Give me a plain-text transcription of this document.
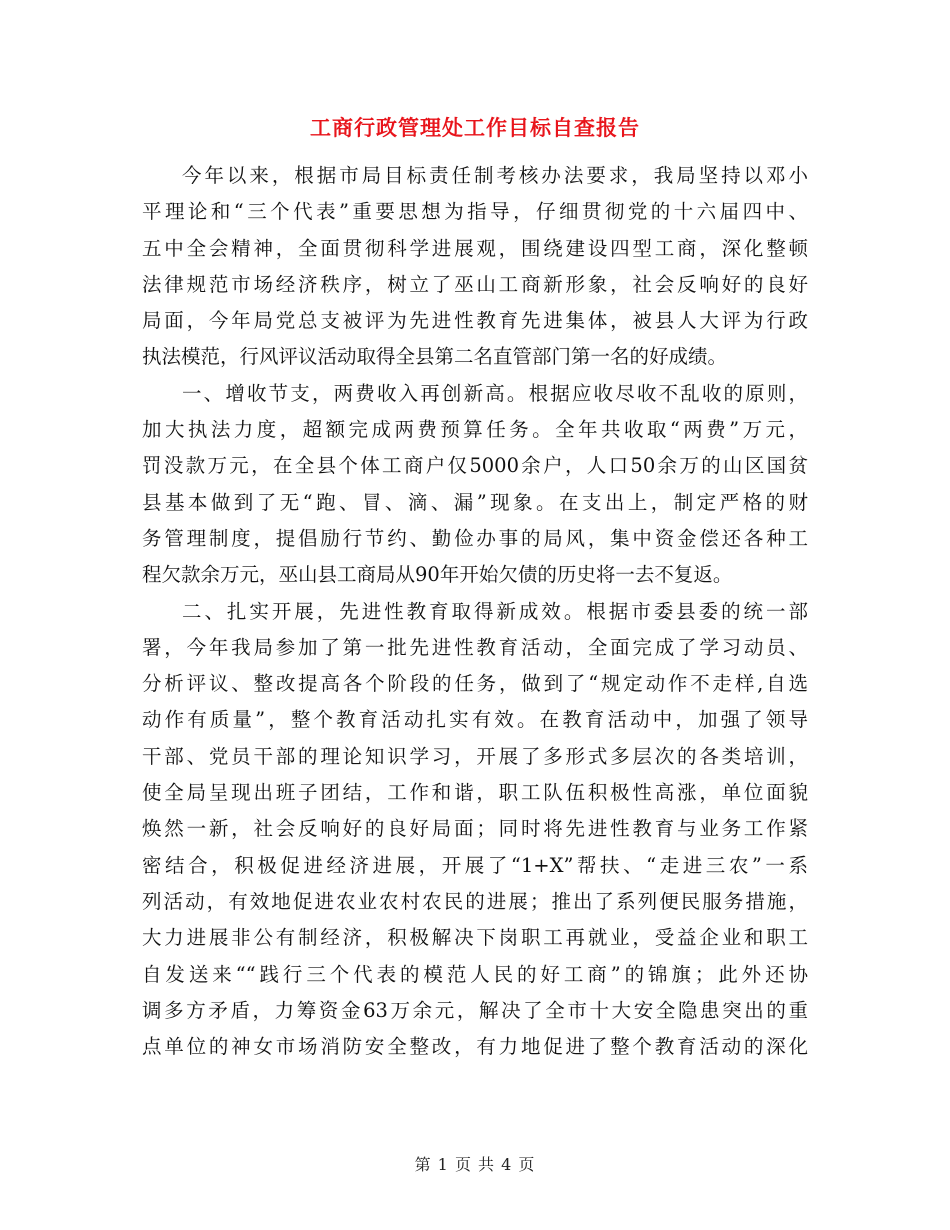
工商行政管理处工作目标自查报告
今年以来，根据市局目标责任制考核办法要求，我局坚持以邓小
平理论和“三个代表”重要思想为指导，仔细贯彻党的十六届四中、
五中全会精神，全面贯彻科学进展观，围绕建设四型工商，深化整顿
法律规范市场经济秩序，树立了巫山工商新形象，社会反响好的良好
局面，今年局党总支被评为先进性教育先进集体，被县人大评为行政
执法模范，行风评议活动取得全县第二名直管部门第一名的好成绩。
一、增收节支，两费收入再创新高。根据应收尽收不乱收的原则，
加大执法力度，超额完成两费预算任务。全年共收取“两费”万元，
罚没款万元，在全县个体工商户仅5000余户，人口50余万的山区国贫
县基本做到了无“跑、冒、滴、漏”现象。在支出上，制定严格的财
务管理制度，提倡励行节约、勤俭办事的局风，集中资金偿还各种工
程欠款余万元，巫山县工商局从90年开始欠债的历史将一去不复返。
二、扎实开展，先进性教育取得新成效。根据市委县委的统一部
署，今年我局参加了第一批先进性教育活动，全面完成了学习动员、
分析评议、整改提高各个阶段的任务，做到了“规定动作不走样,自选
动作有质量”，整个教育活动扎实有效。在教育活动中，加强了领导
干部、党员干部的理论知识学习，开展了多形式多层次的各类培训，
使全局呈现出班子团结，工作和谐，职工队伍积极性高涨，单位面貌
焕然一新，社会反响好的良好局面；同时将先进性教育与业务工作紧
密结合，积极促进经济进展，开展了“1+X”帮扶、“走进三农”一系
列活动，有效地促进农业农村农民的进展；推出了系列便民服务措施，
大力进展非公有制经济，积极解决下岗职工再就业，受益企业和职工
自发送来““践行三个代表的模范人民的好工商”的锦旗；此外还协
调多方矛盾，力筹资金63万余元，解决了全市十大安全隐患突出的重
点单位的神女市场消防安全整改，有力地促进了整个教育活动的深化
第 1 页 共 4 页
